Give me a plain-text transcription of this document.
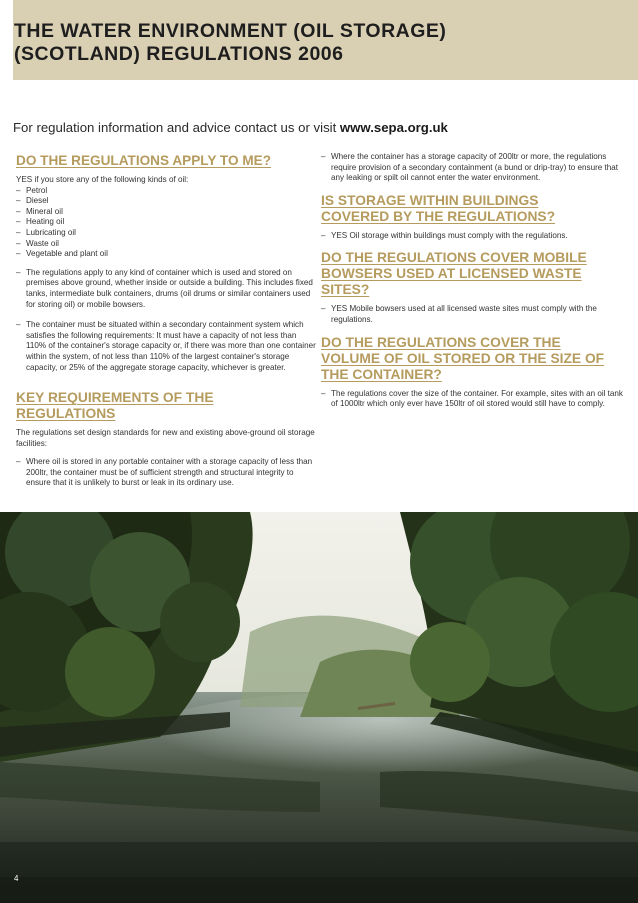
THE WATER ENVIRONMENT (OIL STORAGE)
(SCOTLAND) REGULATIONS 2006
For regulation information and advice contact us or visit www.sepa.org.uk
DO THE REGULATIONS APPLY TO ME?

YES if you store any of the following kinds of oil:

– Petrol
– Diesel
– Mineral oil
– Heating oil
– Lubricating oil
– Waste oil
– Vegetable and plant oil
– The regulations apply to any kind of container which is used and stored on premises above ground, whether inside or outside a building. This includes fixed tanks, intermediate bulk containers, drums (oil drums or similar containers used for storing oil) or mobile bowsers.
– The container must be situated within a secondary containment system which satisfies the following requirements: It must have a capacity of not less than 110% of the container's storage capacity or, if there was more than one container within the system, of not less than 110% of the largest container's storage capacity, or 25% of the aggregate storage capacity, whichever is greater.
KEY REQUIREMENTS OF THE
REGULATIONS

The regulations set design standards for new and existing above-ground oil storage facilities:

– Where oil is stored in any portable container with a storage capacity of less than 200ltr, the container must be of sufficient strength and structural integrity to ensure that it is unlikely to burst or leak in its ordinary use.
– Where the container has a storage capacity of 200ltr or more, the regulations require provision of a secondary containment (a bund or drip-tray) to ensure that any leaking or spilt oil cannot enter the water environment.
IS STORAGE WITHIN BUILDINGS
COVERED BY THE REGULATIONS?
– YES Oil storage within buildings must comply with the regulations.
DO THE REGULATIONS COVER MOBILE
BOWSERS USED AT LICENSED WASTE
SITES?
– YES Mobile bowsers used at all licensed waste sites must comply with the regulations.
DO THE REGULATIONS COVER THE
VOLUME OF OIL STORED OR THE SIZE OF
THE CONTAINER?
– The regulations cover the size of the container. For example, sites with an oil tank of 1000ltr which only ever have 150ltr of oil stored would still have to comply.
4
